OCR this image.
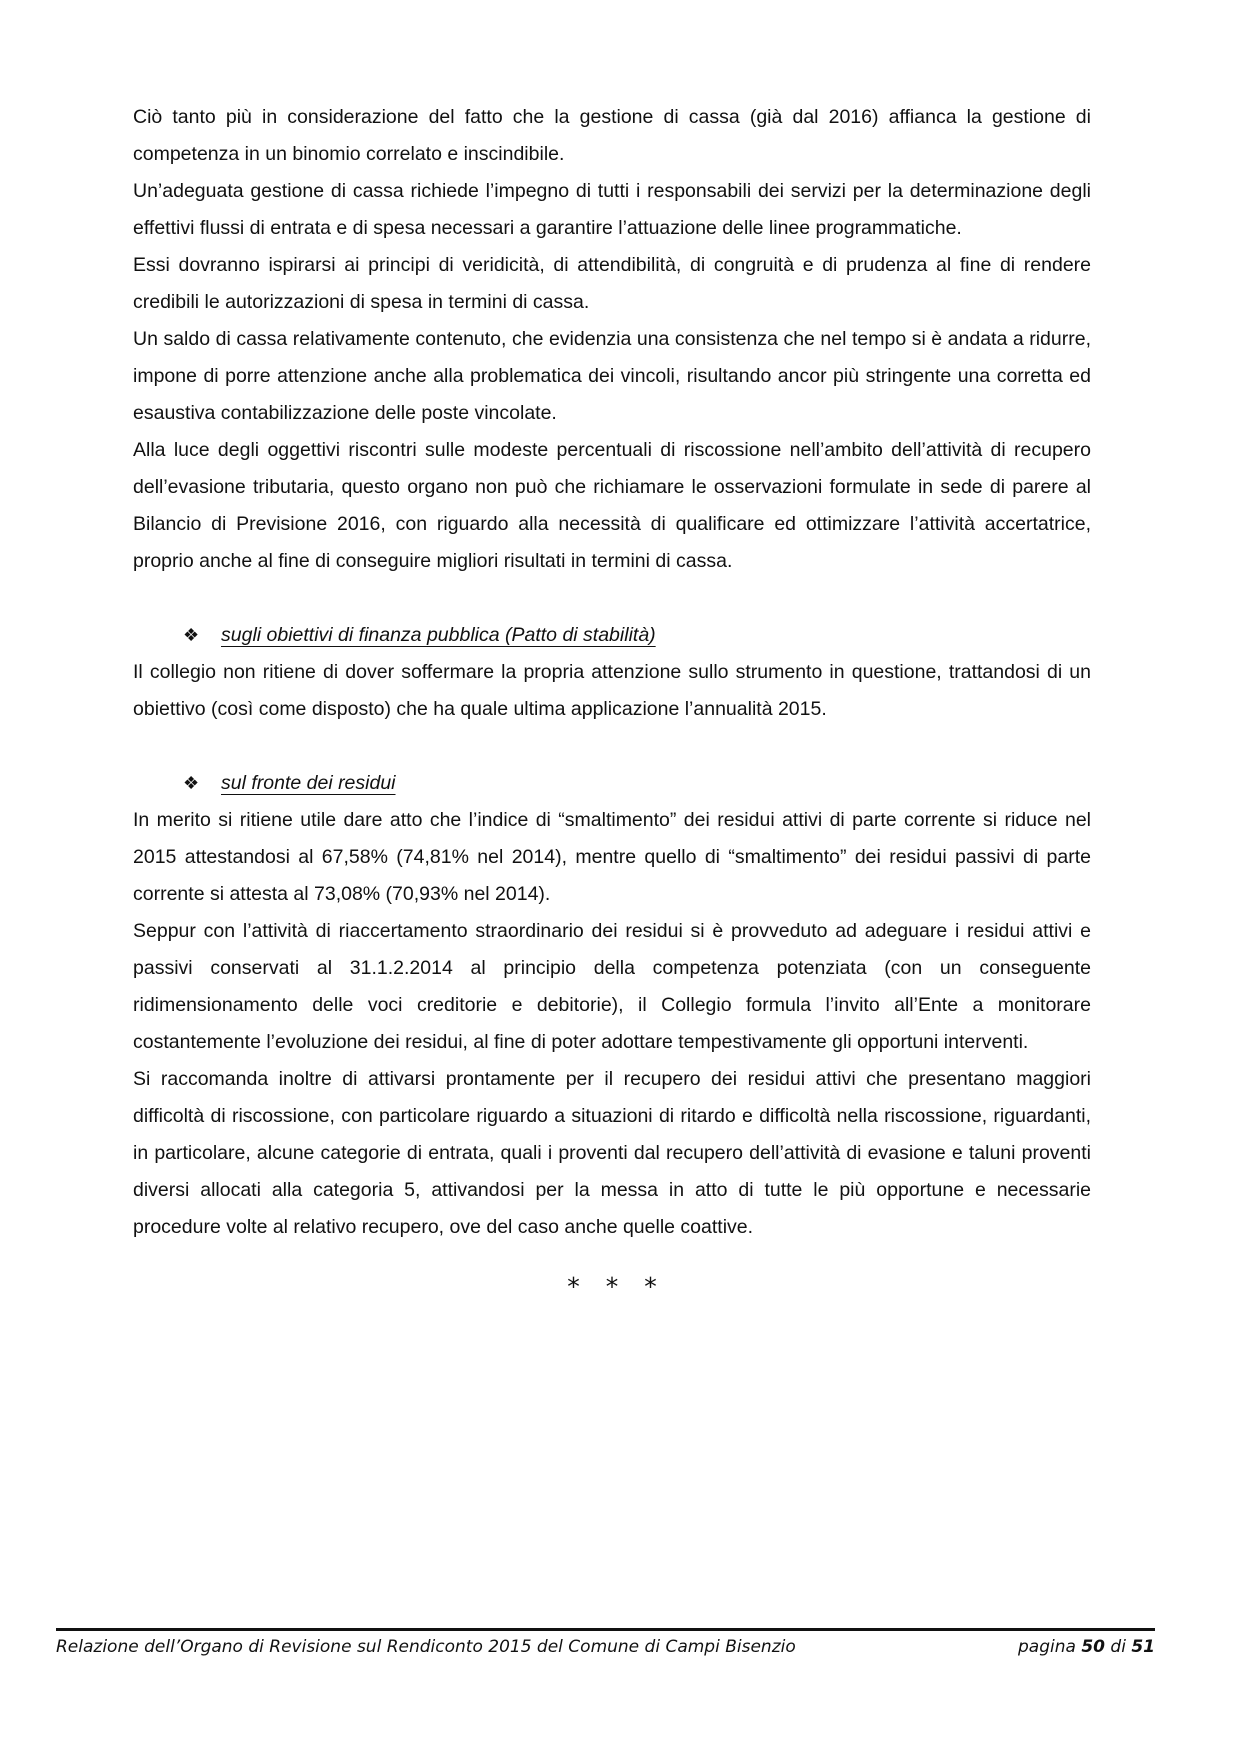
Ciò tanto più in considerazione del fatto che la gestione di cassa (già dal 2016) affianca la gestione di competenza in un binomio correlato e inscindibile.

Un’adeguata gestione di cassa richiede l’impegno di tutti i responsabili dei servizi per la determinazione degli effettivi flussi di entrata e di spesa necessari a garantire l’attuazione delle linee programmatiche.

Essi dovranno ispirarsi ai principi di veridicità, di attendibilità, di congruità e di prudenza al fine di rendere credibili le autorizzazioni di spesa in termini di cassa.

Un saldo di cassa relativamente contenuto, che evidenzia una consistenza che nel tempo si è andata a ridurre, impone di porre attenzione anche alla problematica dei vincoli, risultando ancor più stringente una corretta ed esaustiva contabilizzazione delle poste vincolate.

Alla luce degli oggettivi riscontri sulle modeste percentuali di riscossione nell’ambito dell’attività di recupero dell’evasione tributaria, questo organo non può che richiamare le osservazioni formulate in sede di parere al Bilancio di Previsione 2016, con riguardo alla necessità di qualificare ed ottimizzare l’attività accertatrice, proprio anche al fine di conseguire migliori risultati in termini di cassa.

❖ sugli obiettivi di finanza pubblica (Patto di stabilità)

Il collegio non ritiene di dover soffermare la propria attenzione sullo strumento in questione, trattandosi di un obiettivo (così come disposto) che ha quale ultima applicazione l’annualità 2015.

❖ sul fronte dei residui

In merito si ritiene utile dare atto che l’indice di “smaltimento” dei residui attivi di parte corrente si riduce nel 2015 attestandosi al 67,58% (74,81% nel 2014), mentre quello di “smaltimento” dei residui passivi di parte corrente si attesta al 73,08% (70,93% nel 2014).

Seppur con l’attività di riaccertamento straordinario dei residui si è provveduto ad adeguare i residui attivi e passivi conservati al 31.1.2.2014 al principio della competenza potenziata (con un conseguente ridimensionamento delle voci creditorie e debitorie), il Collegio formula l’invito all’Ente a monitorare costantemente l’evoluzione dei residui, al fine di poter adottare tempestivamente gli opportuni interventi.

Si raccomanda inoltre di attivarsi prontamente per il recupero dei residui attivi che presentano maggiori difficoltà di riscossione, con particolare riguardo a situazioni di ritardo e difficoltà nella riscossione, riguardanti, in particolare, alcune categorie di entrata, quali i proventi dal recupero dell’attività di evasione e taluni proventi diversi allocati alla categoria 5, attivandosi per la messa in atto di tutte le più opportune e necessarie procedure volte al relativo recupero, ove del caso anche quelle coattive.

* * *
Relazione dell’Organo di Revisione sul Rendiconto 2015 del Comune di Campi Bisenzio	pagina 50 di 51
